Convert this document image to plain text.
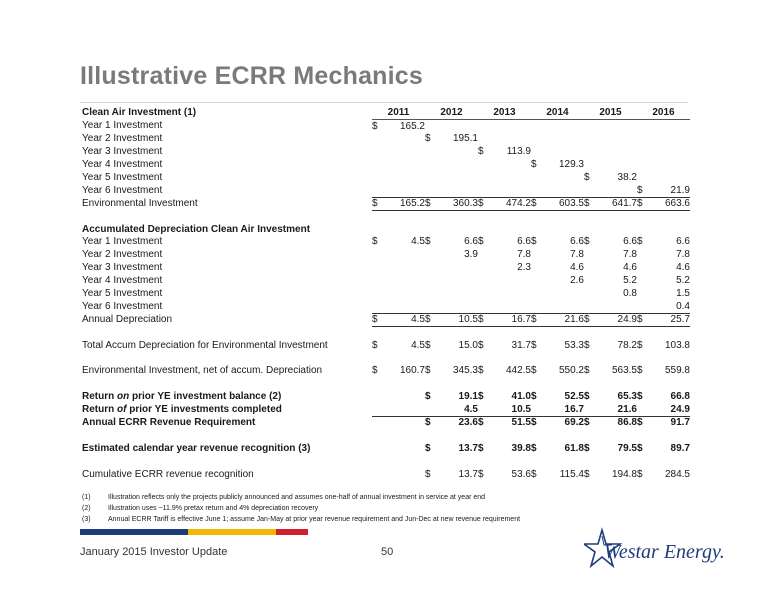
Illustrative ECRR Mechanics
Clean Air Investment (1)	2011		2012		2013		2014		2015		2016	
Year 1 Investment	$	165.2										
Year 2 Investment			$	195.1								
Year 3 Investment					$	113.9						
Year 4 Investment							$	129.3				
Year 5 Investment									$	38.2		
Year 6 Investment											$	21.9
Environmental Investment	$	165.2	$	360.3	$	474.2	$	603.5	$	641.7	$	663.6

Accumulated Depreciation Clean Air Investment												
Year 1 Investment	$	4.5	$	6.6	$	6.6	$	6.6	$	6.6	$	6.6
Year 2 Investment				3.9		7.8		7.8		7.8		7.8
Year 3 Investment						2.3		4.6		4.6		4.6
Year 4 Investment								2.6		5.2		5.2
Year 5 Investment										0.8		1.5
Year 6 Investment												0.4
Annual Depreciation	$	4.5	$	10.5	$	16.7	$	21.6	$	24.9	$	25.7

Total Accum Depreciation for Environmental Investment	$	4.5	$	15.0	$	31.7	$	53.3	$	78.2	$	103.8

Environmental Investment, net of accum. Depreciation	$	160.7	$	345.3	$	442.5	$	550.2	$	563.5	$	559.8

Return on prior YE investment balance (2)			$	19.1	$	41.0	$	52.5	$	65.3	$	66.8
Return of prior YE investments completed				4.5		10.5		16.7		21.6		24.9
Annual ECRR Revenue Requirement			$	23.6	$	51.5	$	69.2	$	86.8	$	91.7

Estimated calendar year revenue recognition (3)			$	13.7	$	39.8	$	61.8	$	79.5	$	89.7

Cumulative ECRR revenue recognition			$	13.7	$	53.6	$	115.4	$	194.8	$	284.5
(1) Illustration reflects only the projects publicly announced and assumes one-half of annual investment in service at year end
(2) Illustration uses ~11.9% pretax return and 4% depreciation recovery
(3) Annual ECRR Tariff is effective June 1; assume Jan-May at prior year revenue requirement and Jun-Dec at new revenue requirement
January 2015 Investor Update	50	Westar Energy.
